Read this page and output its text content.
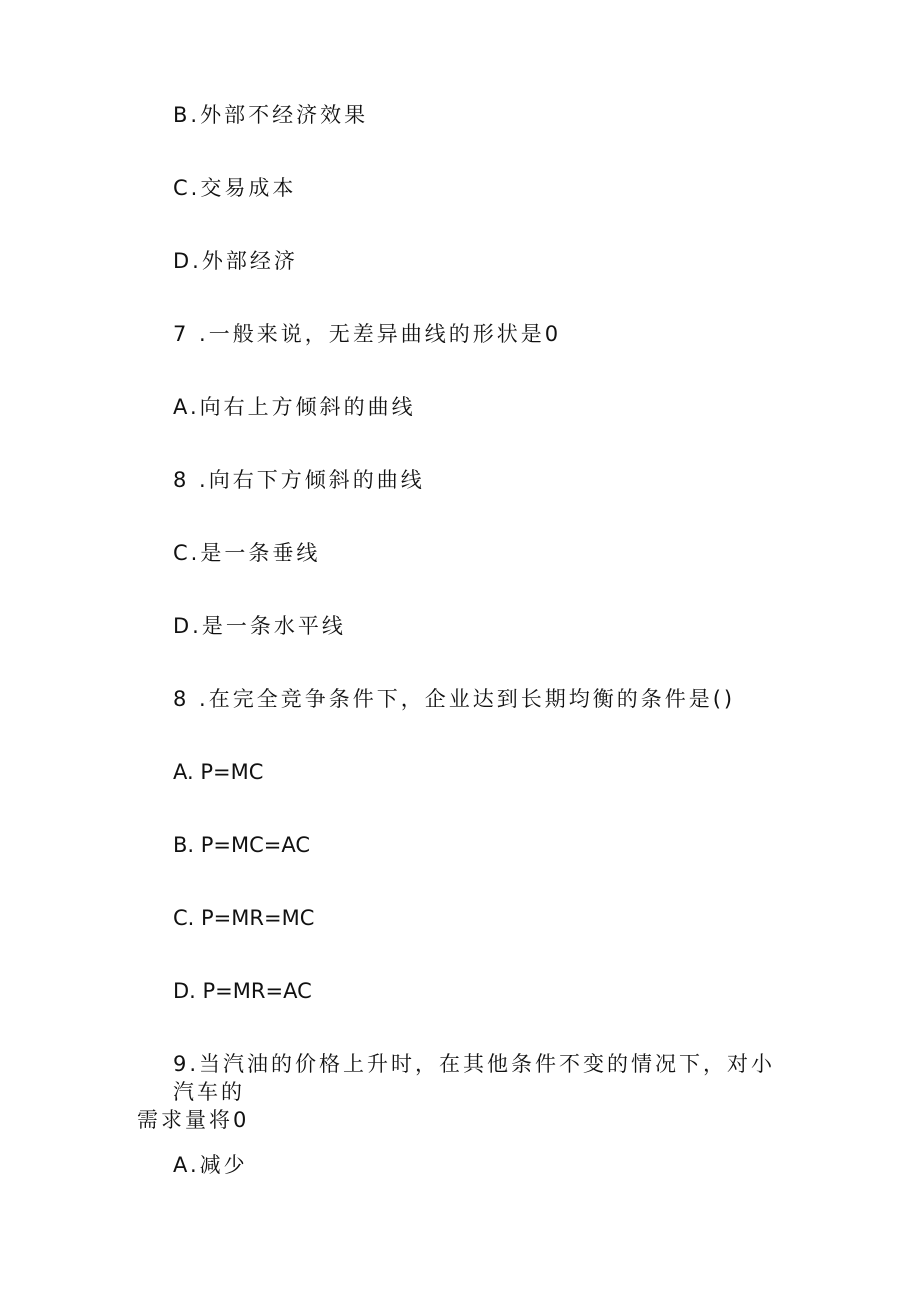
B.外部不经济效果
C.交易成本
D.外部经济
7 .一般来说，无差异曲线的形状是0
A.向右上方倾斜的曲线
8 .向右下方倾斜的曲线
C.是一条垂线
D.是一条水平线
8 .在完全竞争条件下，企业达到长期均衡的条件是()
A. P=MC
B. P=MC=AC
C. P=MR=MC
D. P=MR=AC
9.当汽油的价格上升时，在其他条件不变的情况下，对小汽车的
需求量将0
A.减少
